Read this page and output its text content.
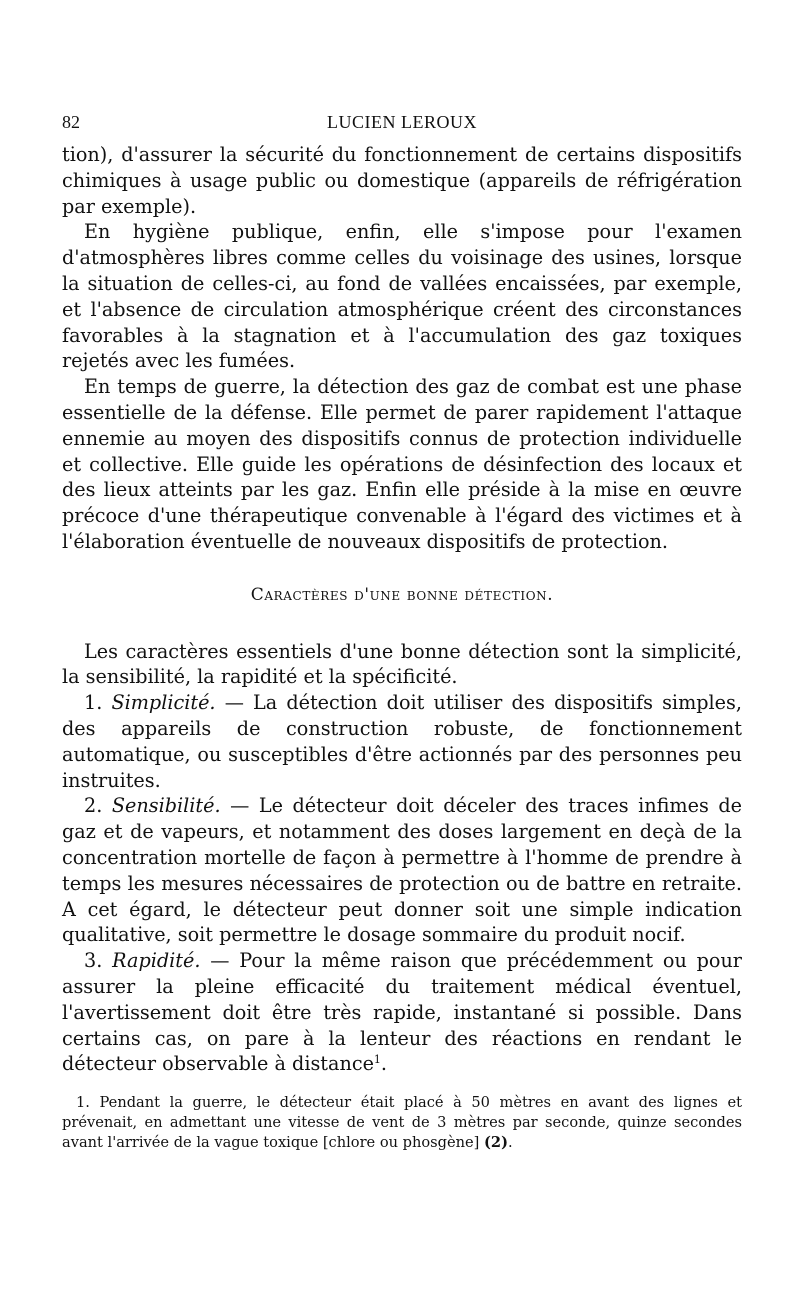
82	LUCIEN LEROUX

tion), d'assurer la sécurité du fonctionnement de certains dispositifs chimiques à usage public ou domestique (appareils de réfrigération par exemple).

En hygiène publique, enfin, elle s'impose pour l'examen d'atmosphères libres comme celles du voisinage des usines, lorsque la situation de celles-ci, au fond de vallées encaissées, par exemple, et l'absence de circulation atmosphérique créent des circonstances favorables à la stagnation et à l'accumulation des gaz toxiques rejetés avec les fumées.

En temps de guerre, la détection des gaz de combat est une phase essentielle de la défense. Elle permet de parer rapidement l'attaque ennemie au moyen des dispositifs connus de protection individuelle et collective. Elle guide les opérations de désinfection des locaux et des lieux atteints par les gaz. Enfin elle préside à la mise en œuvre précoce d'une thérapeutique convenable à l'égard des victimes et à l'élaboration éventuelle de nouveaux dispositifs de protection.

Caractères d'une bonne détection.

Les caractères essentiels d'une bonne détection sont la simplicité, la sensibilité, la rapidité et la spécificité.

1. Simplicité. — La détection doit utiliser des dispositifs simples, des appareils de construction robuste, de fonctionnement automatique, ou susceptibles d'être actionnés par des personnes peu instruites.

2. Sensibilité. — Le détecteur doit déceler des traces infimes de gaz et de vapeurs, et notamment des doses largement en deçà de la concentration mortelle de façon à permettre à l'homme de prendre à temps les mesures nécessaires de protection ou de battre en retraite. A cet égard, le détecteur peut donner soit une simple indication qualitative, soit permettre le dosage sommaire du produit nocif.

3. Rapidité. — Pour la même raison que précédemment ou pour assurer la pleine efficacité du traitement médical éventuel, l'avertissement doit être très rapide, instantané si possible. Dans certains cas, on pare à la lenteur des réactions en rendant le détecteur observable à distance$^1$.

1. Pendant la guerre, le détecteur était placé à 50 mètres en avant des lignes et prévenait, en admettant une vitesse de vent de 3 mètres par seconde, quinze secondes avant l'arrivée de la vague toxique [chlore ou phosgène] (2).
